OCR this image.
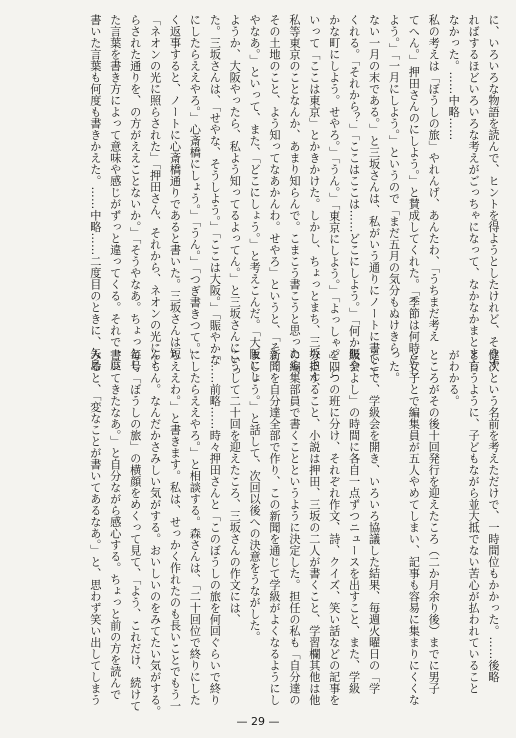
に、いろいろな物語を読んで、ヒントを得ようとしたけれど、そうす
ればするほどいろいろな考えがごっちゃになって、なかなかまとまら
なかった。……中略……
私の考えは「ぼうしの旅」やれんげ、あんたわ、「うちまだ考え
てへん。」押田さんのにしよう。」と賛成してくれた。「季節は何時にし
よう。」「一月にしよう。」というので「まだ五月の気分もぬけきら
ない一月の末である。」と三坂さんは、私がいう通りにノートに書いて
くれる。「それから？」「ここはここは……どこにしよう。」「何か賑や
かな町にしよう。せやろ。」「うん。」「東京にしよう。」「よっしゃ。」と
いって「ここは東京」とかきかけた。しかし、ちょっとまち、三坂さん、
私等東京のことなんか、あまり知らんで。こまこう書こうと思ったら、
その土地のこと、よう知ってなあかんわ。せやろ」というと、「そう
やなあ。」といって、また、「どこにしょう。」と考えこんだ。「大阪にし
ようか、大阪やったら、私よう知ってるよってん。」と三坂さんにいっ
た。三坂さんは、「せやな、そうしよう。」「ここは大阪。」「賑やかな
にしたらええやろ。」心斎橋にしょう。」「うん。」「つぎ書きつて。」
く返事すると、ノートに心斎橋通りであると書いた。三坂さんは短
「ネオンの光に照らされた」「押田さん、それから、ネオンの光にて
らされた通りを、の方がええことないか。」「そうやなあ。ちょっとし
た言葉を書き方によって意味や感じがずっと違ってくる。それで一度
書いた言葉も何度も書きかえた。……中略……二度目のときに、矢島
健次という名前を考えただけで、一時間位もかかった。……後略
と言うように、子どもながら並大抵でない苦心が払われていること
がわかる。
ところがその後十回発行を迎えたころ（二か月余り後）までに男子
と女子とで編集員が五人やめてしまい、記事も容易に集まりにくくな
った。
そこで、学級会を開き、いろいろ協議した結果、毎週火曜日の「学
級会よし」の時間に各自一点ずつニュースを出すこと、また、学級
を四つの班に分け、それぞれ作文、詩、クイズ、笑い話などの記事を
分担すること、小説は押田、三坂の二人が書くこと、学習欄其他は他
の編集部員で書くことというように決定した。担任の私も「自分達の
新聞を自分達全部で作り、この新聞を通じて学級がよくなるようにし
ましょう。」と話して、次回以後への決意をうながした。
こうして二十回を迎えたころ、三坂さんの作文には、
「……前略……時々押田さんと「このぼうしの旅を何回ぐらいで終り
にしたらええやろ。」と相談する。森さんは、「二十回位で終りにした
らええわ。」と書きます。私は、せっかく作れたのも長いことでもう一
んもん。なんだかさみしい気がする。おいしいのをみてたい気がする。
毎号「ぼうしの旅」の横顔をめくって見て、「よう、これだけ、続けて
書いてきたなあ。」と自分ながら感心する。ちょっと前の方を読んで
みると、「変なことが書いてあるなあ。」と、思わず笑い出してしまう
— 29 —
